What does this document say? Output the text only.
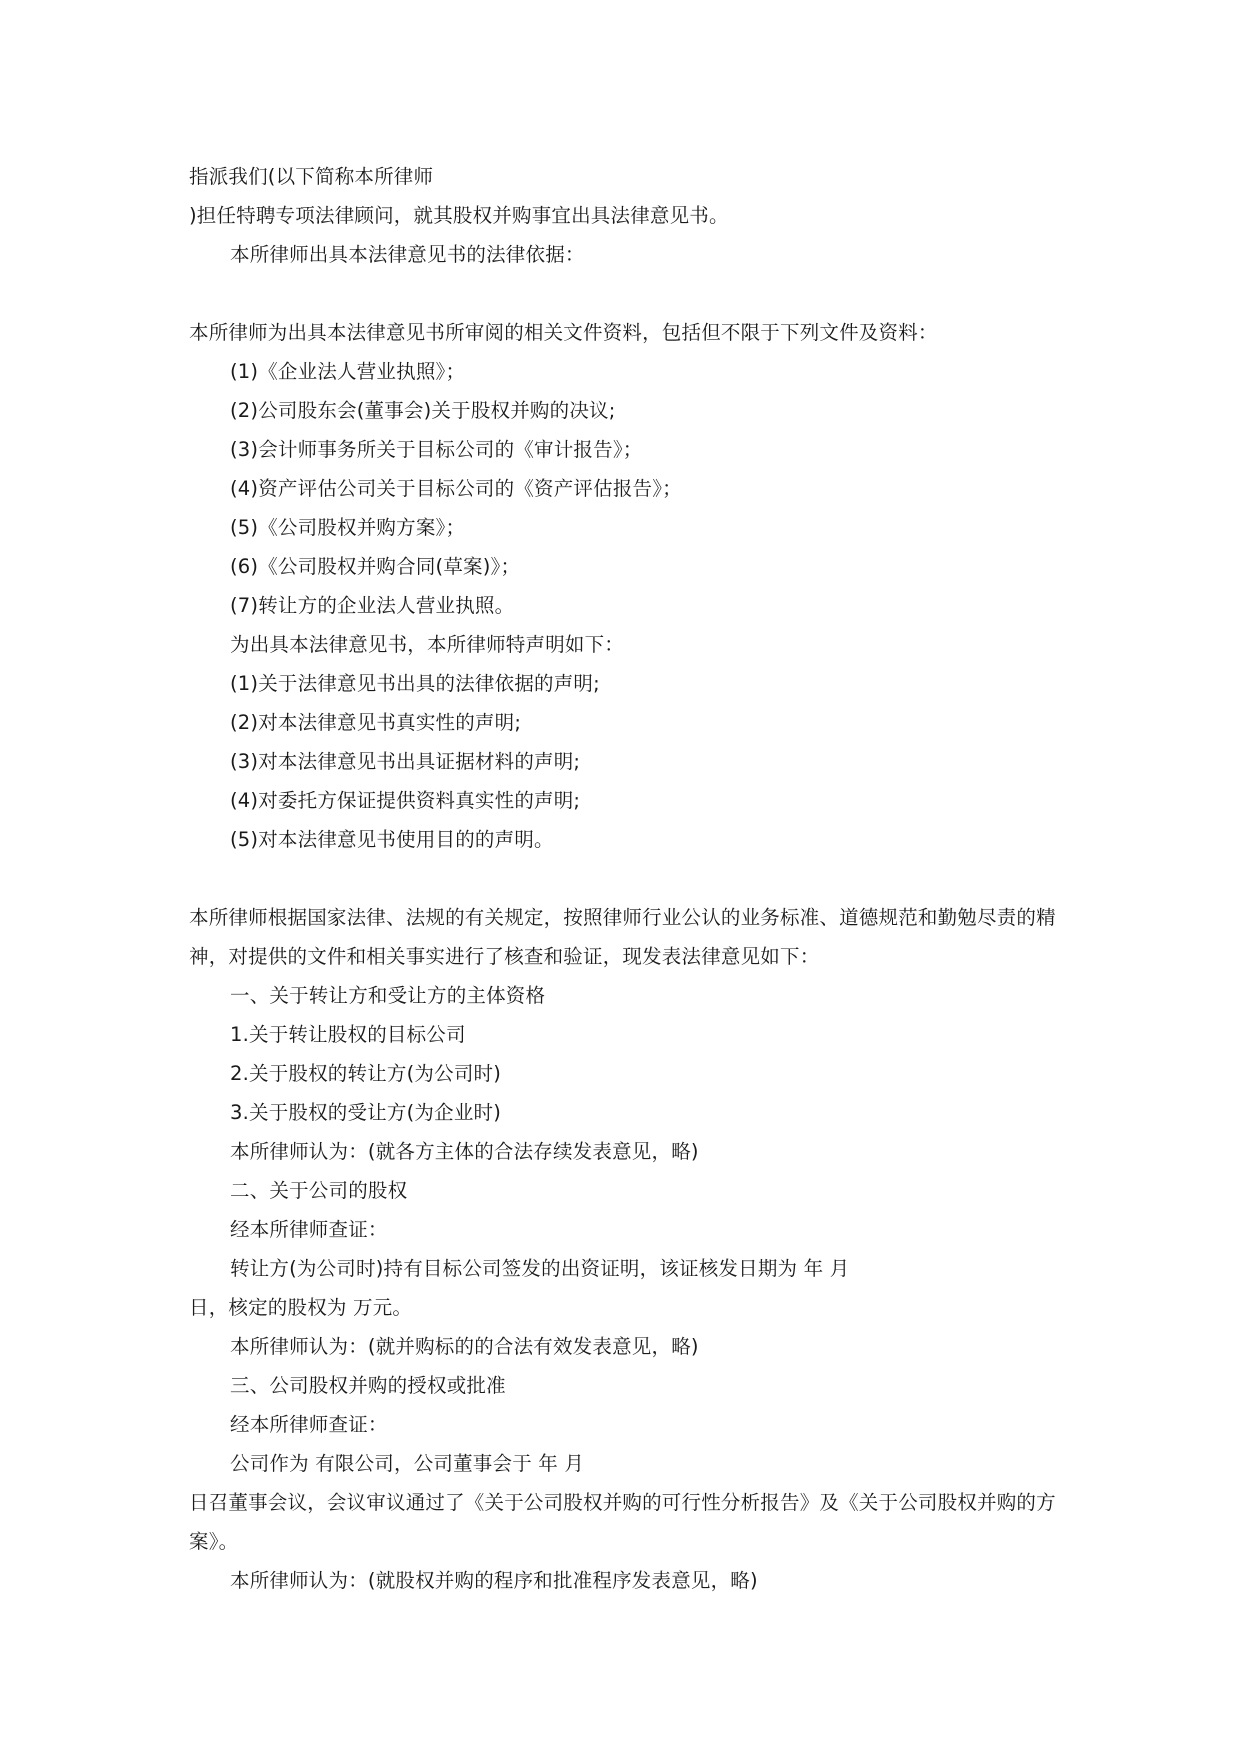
指派我们(以下简称本所律师

)担任特聘专项法律顾问，就其股权并购事宜出具法律意见书。

本所律师出具本法律意见书的法律依据：

本所律师为出具本法律意见书所审阅的相关文件资料，包括但不限于下列文件及资料：

(1)《企业法人营业执照》；

(2)公司股东会(董事会)关于股权并购的决议;

(3)会计师事务所关于目标公司的《审计报告》；

(4)资产评估公司关于目标公司的《资产评估报告》；

(5)《公司股权并购方案》；

(6)《公司股权并购合同(草案)》；

(7)转让方的企业法人营业执照。

为出具本法律意见书，本所律师特声明如下：

(1)关于法律意见书出具的法律依据的声明;

(2)对本法律意见书真实性的声明;

(3)对本法律意见书出具证据材料的声明;

(4)对委托方保证提供资料真实性的声明;

(5)对本法律意见书使用目的的声明。

本所律师根据国家法律、法规的有关规定，按照律师行业公认的业务标准、道德规范和勤勉尽责的精神，对提供的文件和相关事实进行了核查和验证，现发表法律意见如下：

一、关于转让方和受让方的主体资格

1.关于转让股权的目标公司

2.关于股权的转让方(为公司时)

3.关于股权的受让方(为企业时)

本所律师认为：(就各方主体的合法存续发表意见，略)

二、关于公司的股权

经本所律师查证：

转让方(为公司时)持有目标公司签发的出资证明，该证核发日期为 年 月

日，核定的股权为 万元。

本所律师认为：(就并购标的的合法有效发表意见，略)

三、公司股权并购的授权或批准

经本所律师查证：

公司作为 有限公司，公司董事会于 年 月

日召董事会议，会议审议通过了《关于公司股权并购的可行性分析报告》及《关于公司股权并购的方案》。

本所律师认为：(就股权并购的程序和批准程序发表意见，略)
